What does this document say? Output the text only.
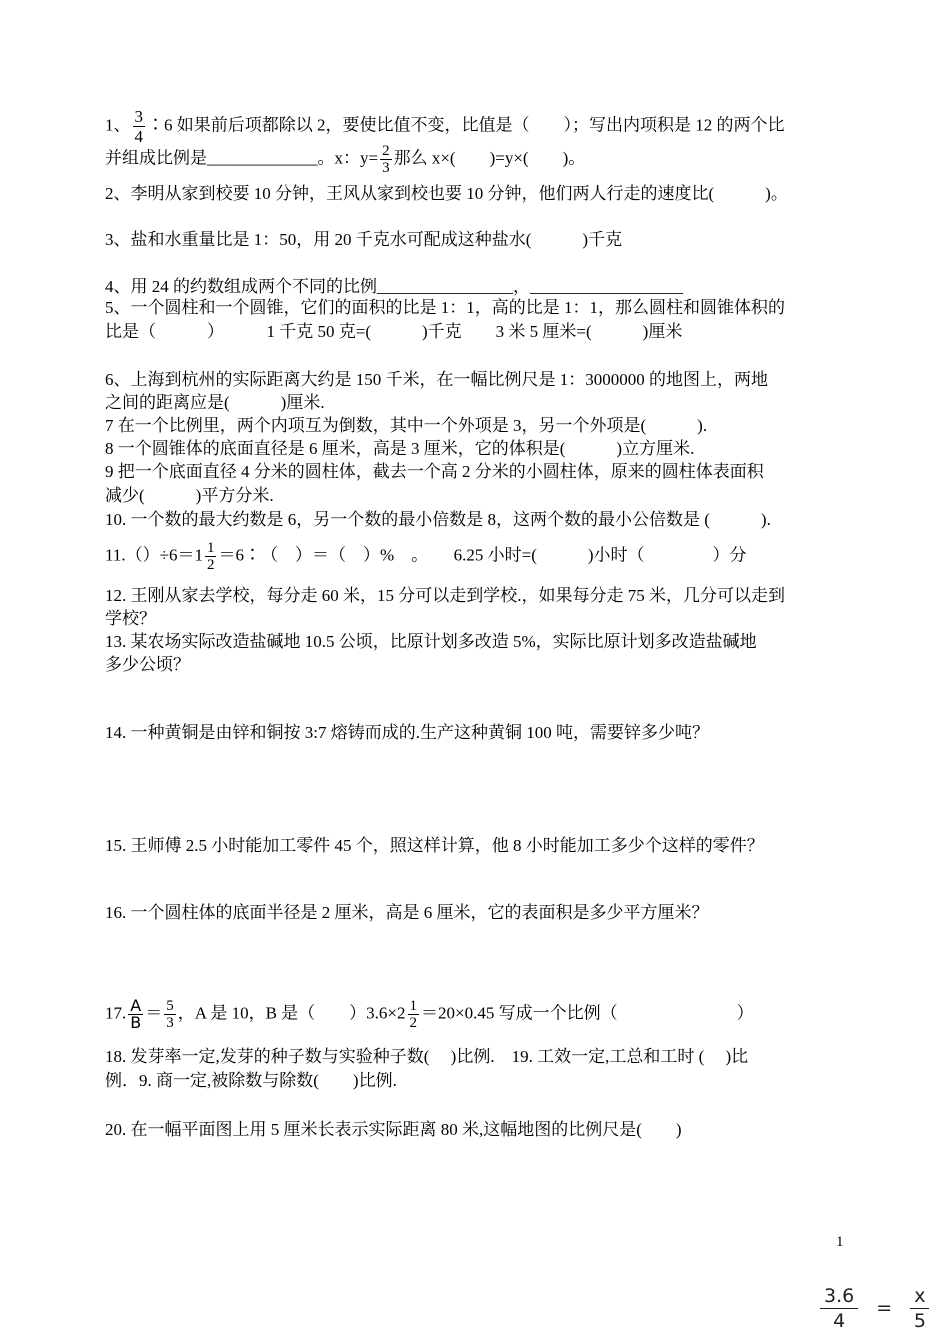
1、 $\frac{3}{4}$ ∶6 如果前后项都除以 2，要使比值不变，比值是（　　）；写出内项积是 12 的两个比
并组成比例是_____________。x：$y= \frac{2}{3}$ 那么 x×(　　)=y×(　　)。
2、李明从家到校要 10 分钟，王风从家到校也要 10 分钟，他们两人行走的速度比(　　　)。
3、盐和水重量比是 1：50，用 20 千克水可配成这种盐水(　　　)千克
4、用 24 的约数组成两个不同的比例________________，__________________
5、一个圆柱和一个圆锥，它们的面积的比是 1：1，高的比是 1：1，那么圆柱和圆锥体积的
比是（　　　）　　　1 千克 50 克=(　　　)千克　　3 米 5 厘米=(　　　)厘米
6、上海到杭州的实际距离大约是 150 千米，在一幅比例尺是 1：3000000 的地图上，两地
之间的距离应是(　　　)厘米.
7 在一个比例里，两个内项互为倒数，其中一个外项是 3，另一个外项是(　　　).
8 一个圆锥体的底面直径是 6 厘米，高是 3 厘米，它的体积是(　　　)立方厘米.
9 把一个底面直径 4 分米的圆柱体，截去一个高 2 分米的小圆柱体，原来的圆柱体表面积
减少(　　　)平方分米.
10. 一个数的最大约数是 6，另一个数的最小倍数是 8，这两个数的最小公倍数是 (　　　).
$11.()\div 6=1 \frac{1}{2}$ ＝6∶（　）＝（　）%　。　　6.25 小时=(　　　)小时（　　　　）分
12. 王刚从家去学校，每分走 60 米，15 分可以走到学校.，如果每分走 75 米，几分可以走到
学校？
13. 某农场实际改造盐碱地 10.5 公顷，比原计划多改造 5%，实际比原计划多改造盐碱地
多少公顷？
14. 一种黄铜是由锌和铜按 3:7 熔铸而成的.生产这种黄铜 100 吨，需要锌多少吨？
15. 王师傅 2.5 小时能加工零件 45 个，照这样计算，他 8 小时能加工多少个这样的零件？
16. 一个圆柱体的底面半径是 2 厘米，高是 6 厘米，它的表面积是多少平方厘米？
17. $\frac{A}{B} = \frac{5}{3}$ ，A 是 10，B 是（　　）$3.6\times 2 \frac{1}{2} =20\times 0.45$ 写成一个比例（　　　　　　　）
18. 发芽率一定,发芽的种子数与实验种子数(　 )比例.　19. 工效一定,工总和工时 (　 )比
例．9. 商一定,被除数与除数(　　)比例.
20. 在一幅平面图上用 5 厘米长表示实际距离 80 米,这幅地图的比例尺是(　　)
1
$\frac{3.6}{4} = \frac{x}{5}$
